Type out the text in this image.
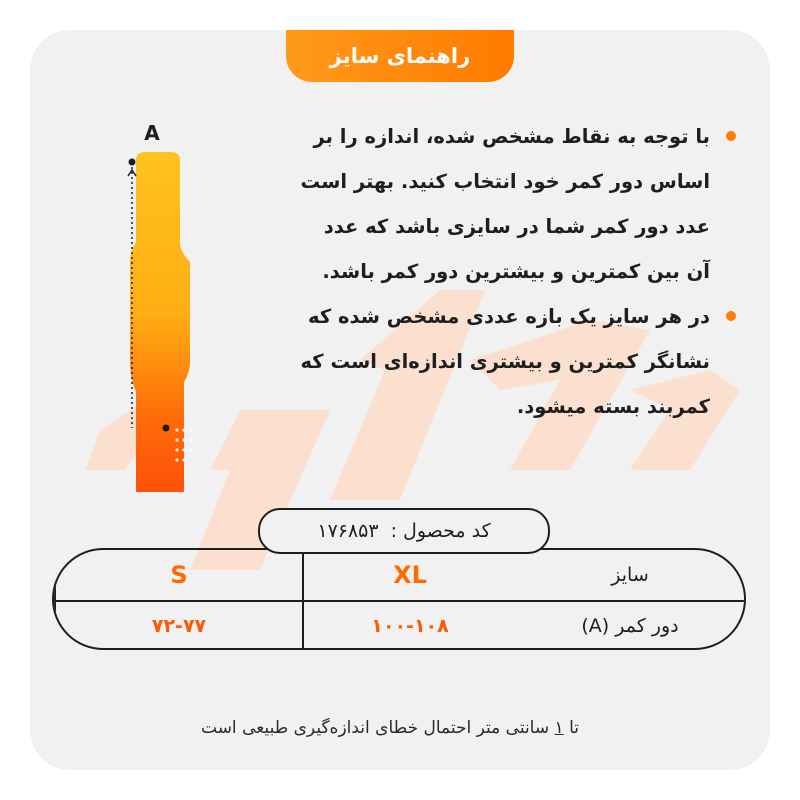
راهنمای سایز
A	با توجه به نقاط مشخص شده، اندازه را بر اساس دور کمر خود انتخاب کنید. بهتر است عدد دور کمر شما در سایزی باشد که عدد آن بین کمترین و بیشترین دور کمر باشد.

در هر سایز یک بازه عددی مشخص شده که نشانگر کمترین و بیشتری اندازه‌ای است که کمربند بسته میشود.

کد محصول :
۱۷۶۸۵۳
سایز
XL
S
دور کمر (A)
۱۰۰-۱۰۸
۷۲-۷۷
تا ۱ سانتی متر احتمال خطای اندازه‌گیری طبیعی است
